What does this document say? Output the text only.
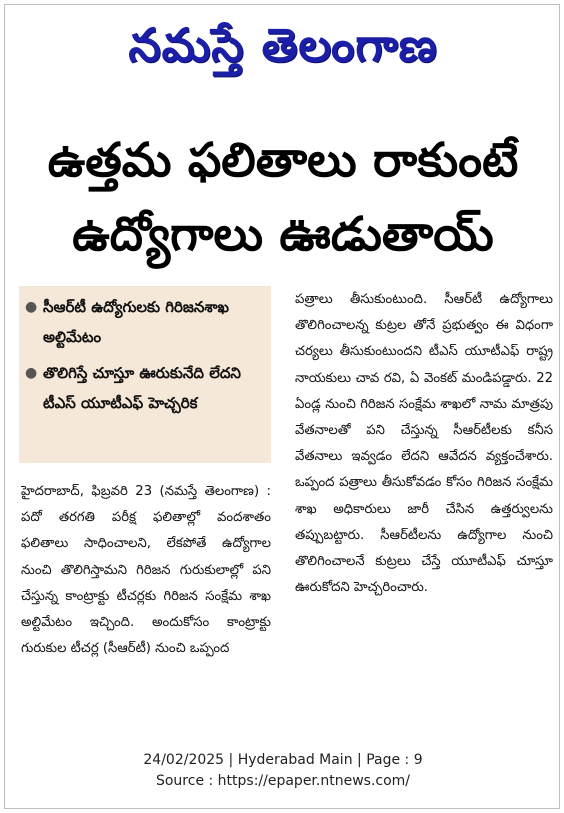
నమస్తే తెలంగాణ
ఉత్తమ ఫలితాలు రాకుంటే
ఉద్యోగాలు ఊడుతాయ్
● సీఆర్‌టీ ఉద్యోగులకు గిరిజనశాఖ అల్టిమేటం
● తొలిగిస్తే చూస్తూ ఊరుకునేది లేదని టీఎస్ యూటీఎఫ్ హెచ్చరిక
హైదరాబాద్, ఫిబ్రవరి 23 (నమస్తే తెలంగాణ) : పదో తరగతి పరీక్ష ఫలితాల్లో వందశాతం ఫలితాలు సాధించాలని, లేకపోతే ఉద్యోగాల నుంచి తొలిగిస్తామని గిరిజన గురుకులాల్లో పని చేస్తున్న కాంట్రాక్టు టీచర్లకు గిరిజన సంక్షేమ శాఖ అల్టిమేటం ఇచ్చింది. అందుకోసం కాంట్రాక్టు గురుకుల టీచర్ల (సీఆర్‌టీ) నుంచి ఒప్పంద
పత్రాలు తీసుకుంటుంది. సీఆర్‌టీ ఉద్యోగాలు తొలిగించాలన్న కుట్రల తోనే ప్రభుత్వం ఈ విధంగా చర్యలు తీసుకుంటుందని టీఎస్ యూటీఎఫ్ రాష్ట్ర నాయకులు చావ రవి, ఏ వెంకట్ మండిపడ్డారు. 22 ఏండ్ల నుంచి గిరిజన సంక్షేమ శాఖలో నామ మాత్రపు వేతనాలతో పని చేస్తున్న సీఆర్‌టీలకు కనీస వేతనాలు ఇవ్వడం లేదని ఆవేదన వ్యక్తంచేశారు. ఒప్పంద పత్రాలు తీసుకోవడం కోసం గిరిజన సంక్షేమ శాఖ అధికారులు జారీ చేసిన ఉత్తర్వులను తప్పుబట్టారు. సీఆర్‌టీలను ఉద్యోగాల నుంచి తొలిగించాలనే కుట్రలు చేస్తే యూటీఎఫ్ చూస్తూ ఊరుకోదని హెచ్చరించారు.
24/02/2025 | Hyderabad Main | Page : 9
Source : https://epaper.ntnews.com/
